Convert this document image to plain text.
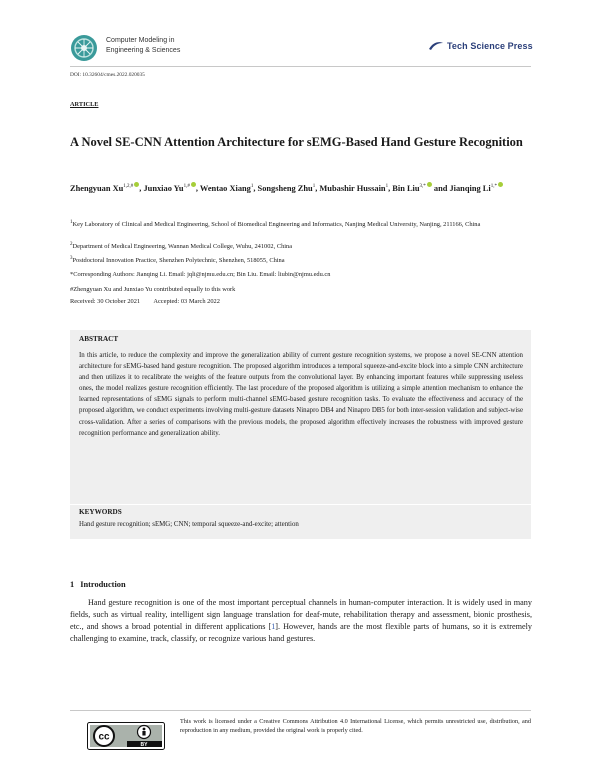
Computer Modeling in
Engineering & Sciences	Tech Science Press
DOI: 10.32604/cmes.2022.020035
ARTICLE
A Novel SE-CNN Attention Architecture for sEMG-Based Hand Gesture Recognition
Zhengyuan $Xu^{1,2,\#}$ , Junxiao $Yu^{1,\#}$ , Wentao Xiang$^1$, Songsheng Zhu$^1$, Mubashir Hussain$^1$, Bin Liu$^{3,*}$ and Jianqing $Li^{1,*}$
$^1$Key Laboratory of Clinical and Medical Engineering, School of Biomedical Engineering and Informatics, Nanjing Medical University, Nanjing, 211166, China
$^2$Department of Medical Engineering, Wannan Medical College, Wuhu, 241002, China
$^3$Postdoctoral Innovation Practice, Shenzhen Polytechnic, Shenzhen, 518055, China
*Corresponding Authors: Jianqing Li. Email: jqli@njmu.edu.cn; Bin Liu. Email: liubin@njmu.edu.cn
#Zhengyuan Xu and Junxiao Yu contributed equally to this work
Received: 30 October 2021 Accepted: 03 March 2022
ABSTRACT
In this article, to reduce the complexity and improve the generalization ability of current gesture recognition systems, we propose a novel SE-CNN attention architecture for sEMG-based hand gesture recognition. The proposed algorithm introduces a temporal squeeze-and-excite block into a simple CNN architecture and then utilizes it to recalibrate the weights of the feature outputs from the convolutional layer. By enhancing important features while suppressing useless ones, the model realizes gesture recognition efficiently. The last procedure of the proposed algorithm is utilizing a simple attention mechanism to enhance the learned representations of sEMG signals to perform multi-channel sEMG-based gesture recognition tasks. To evaluate the effectiveness and accuracy of the proposed algorithm, we conduct experiments involving multi-gesture datasets Ninapro DB4 and Ninapro DB5 for both inter-session validation and subject-wise cross-validation. After a series of comparisons with the previous models, the proposed algorithm effectively increases the robustness with improved gesture recognition performance and generalization ability.
KEYWORDS
Hand gesture recognition; sEMG; CNN; temporal squeeze-and-excite; attention
1 Introduction
Hand gesture recognition is one of the most important perceptual channels in human-computer interaction. It is widely used in many fields, such as virtual reality, intelligent sign language translation for deaf-mute, rehabilitation therapy and assessment, bionic prosthesis, etc., and shows a broad potential in different applications [1]. However, hands are the most flexible parts of humans, so it is extremely challenging to examine, track, classify, or recognize various hand gestures.
cc
BY
This work is licensed under a Creative Commons Attribution 4.0 International License, which permits unrestricted use, distribution, and reproduction in any medium, provided the original work is properly cited.
